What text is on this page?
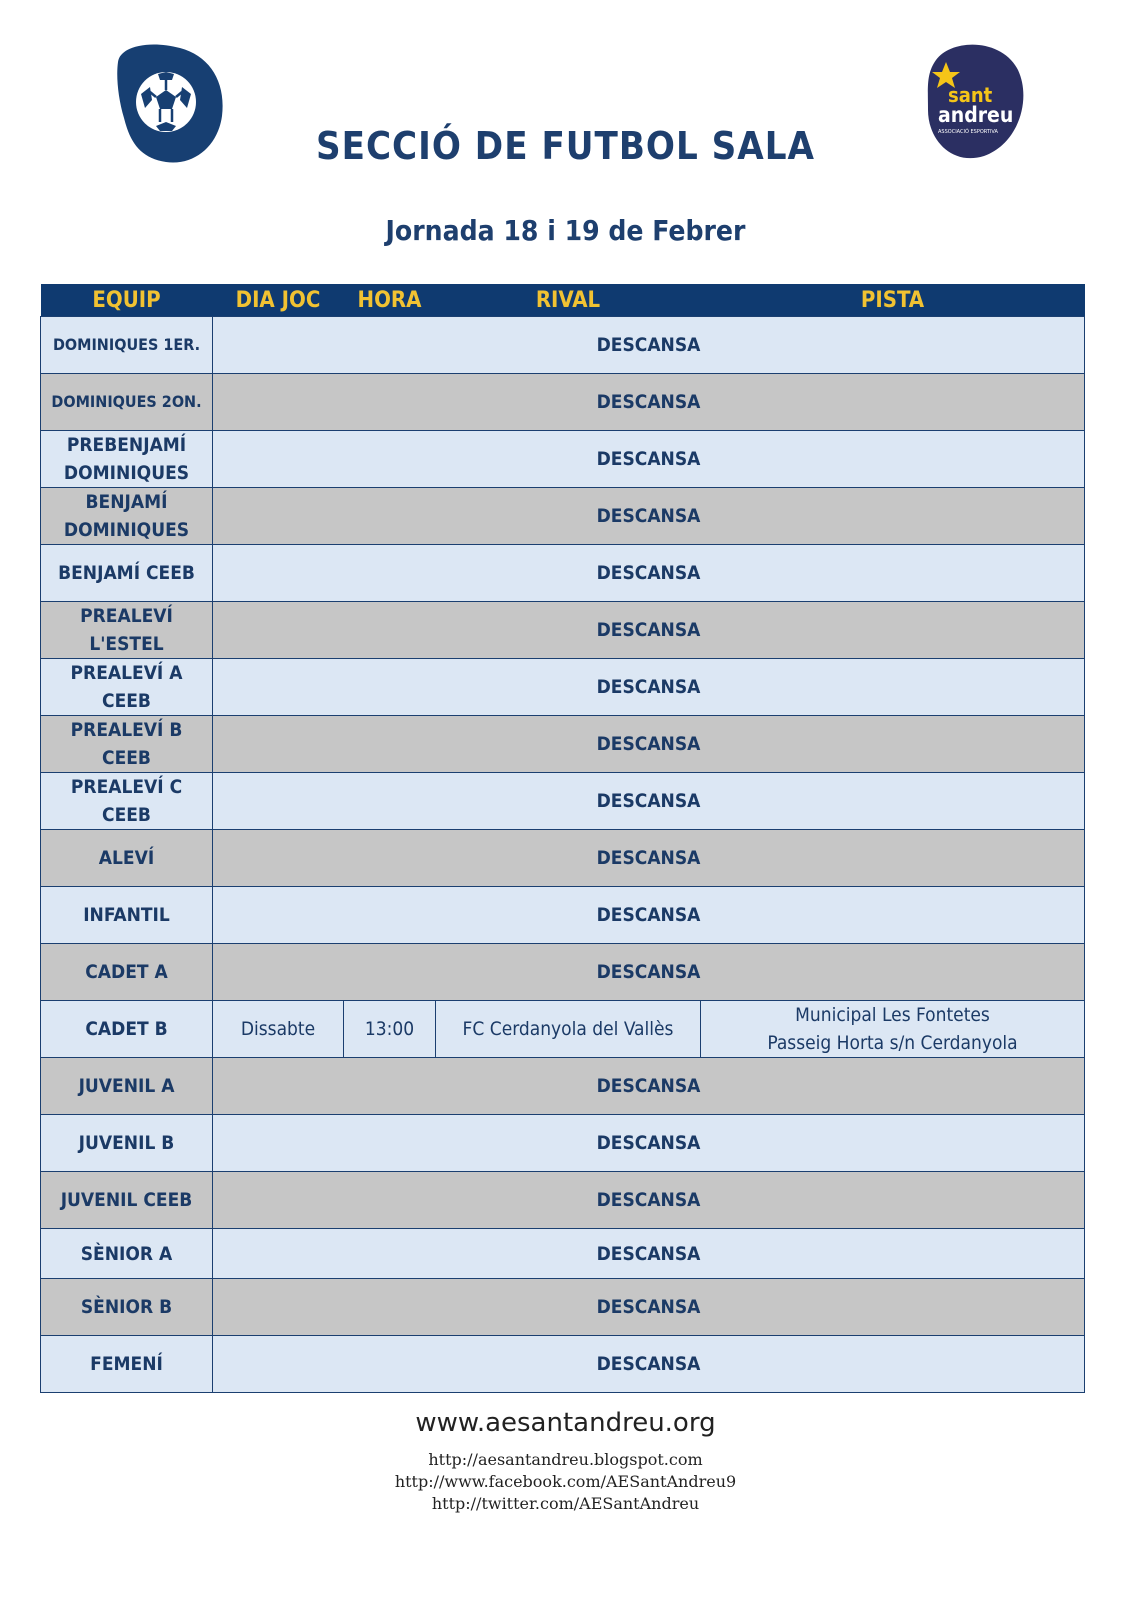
sant
andreu
ASSOCIACIÓ ESPORTIVA
SECCIÓ DE FUTBOL SALA
Jornada 18 i 19 de Febrer
EQUIP	DIA JOC	HORA	RIVAL	PISTA
DOMINIQUES 1ER.	DESCANSA			
DOMINIQUES 2ON.	DESCANSA			
PREBENJAMÍ DOMINIQUES	DESCANSA			
BENJAMÍ DOMINIQUES	DESCANSA			
BENJAMÍ CEEB	DESCANSA			
PREALEVÍ L'ESTEL	DESCANSA			
PREALEVÍ A CEEB	DESCANSA			
PREALEVÍ B CEEB	DESCANSA			
PREALEVÍ C CEEB	DESCANSA			
ALEVÍ	DESCANSA			
INFANTIL	DESCANSA			
CADET A	DESCANSA			
CADET B	Dissabte	13:00	FC Cerdanyola del Vallès	Municipal Les Fontetes
Passeig Horta s/n Cerdanyola

JUVENIL A	DESCANSA			
JUVENIL B	DESCANSA			
JUVENIL CEEB	DESCANSA			
SÈNIOR A	DESCANSA			
SÈNIOR B	DESCANSA			
FEMENÍ	DESCANSA			
www.aesantandreu.org
http://aesantandreu.blogspot.com
http://www.facebook.com/AESantAndreu9
http://twitter.com/AESantAndreu
